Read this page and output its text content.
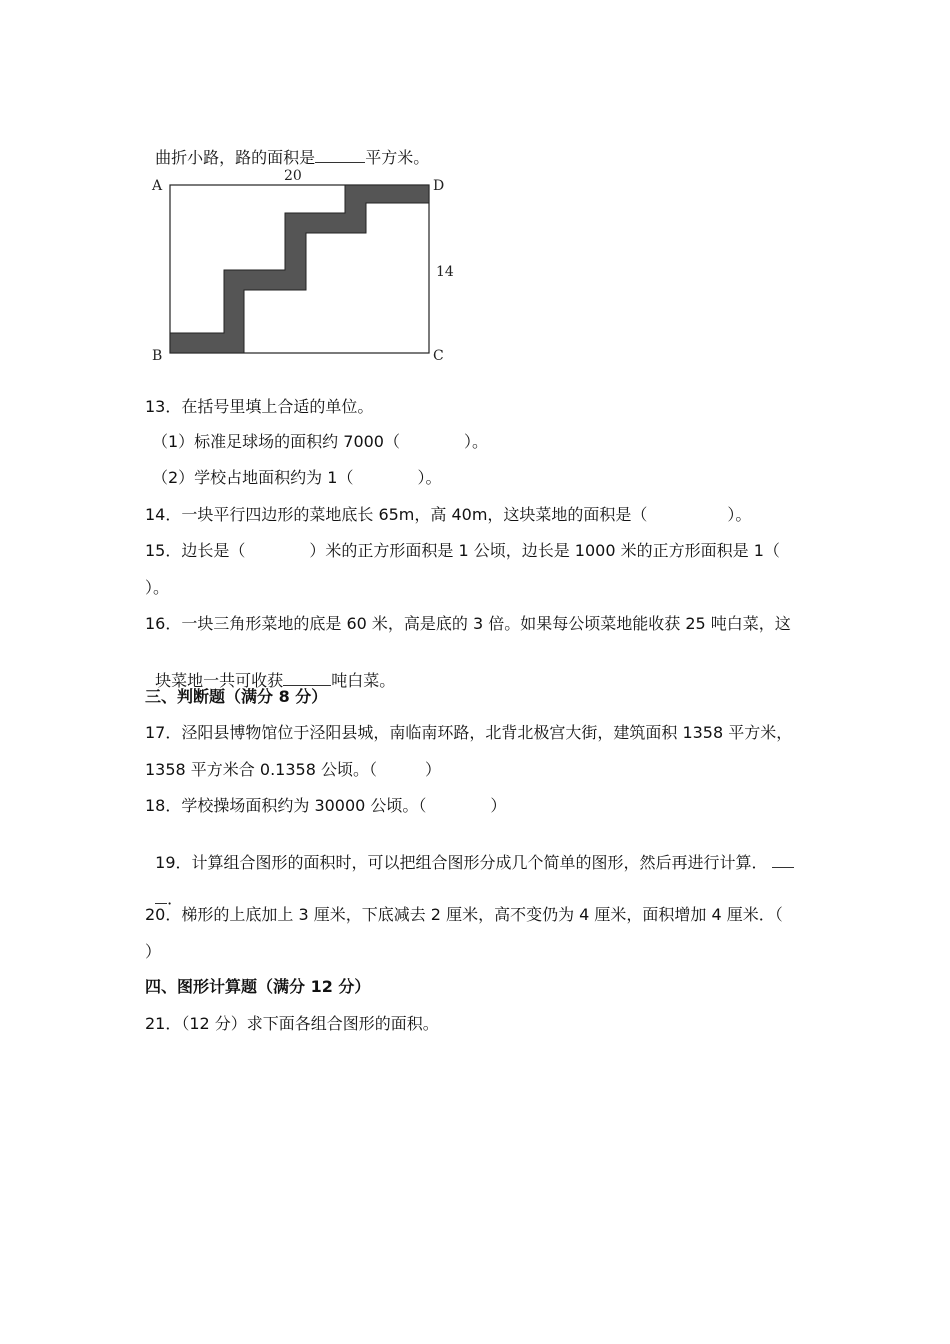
曲折小路，路的面积是	平方米。

A
B	C
D
20
14
13．在括号里填上合适的单位。
（1）标准足球场的面积约 7000（　　　　）。
（2）学校占地面积约为 1（　　　　）。
14．一块平行四边形的菜地底长 65m，高 40m，这块菜地的面积是（　　　　　）。
15．边长是（　　　　）米的正方形面积是 1 公顷，边长是 1000 米的正方形面积是 1（
）。
16．一块三角形菜地的底是 60 米，高是底的 3 倍。如果每公顷菜地能收获 25 吨白菜，这

块菜地一共可收获	吨白菜。

三、判断题（满分 8 分）
17．泾阳县博物馆位于泾阳县城，南临南环路，北背北极宫大街，建筑面积 1358 平方米，
1358 平方米合 0.1358 公顷。（　　　）
18．学校操场面积约为 30000 公顷。（　　　　）

19．计算组合图形的面积时，可以把组合图形分成几个简单的图形，然后再进行计算．

．

20．梯形的上底加上 3 厘米，下底减去 2 厘米，高不变仍为 4 厘米，面积增加 4 厘米．（
）
四、图形计算题（满分 12 分）
21．（12 分）求下面各组合图形的面积。
